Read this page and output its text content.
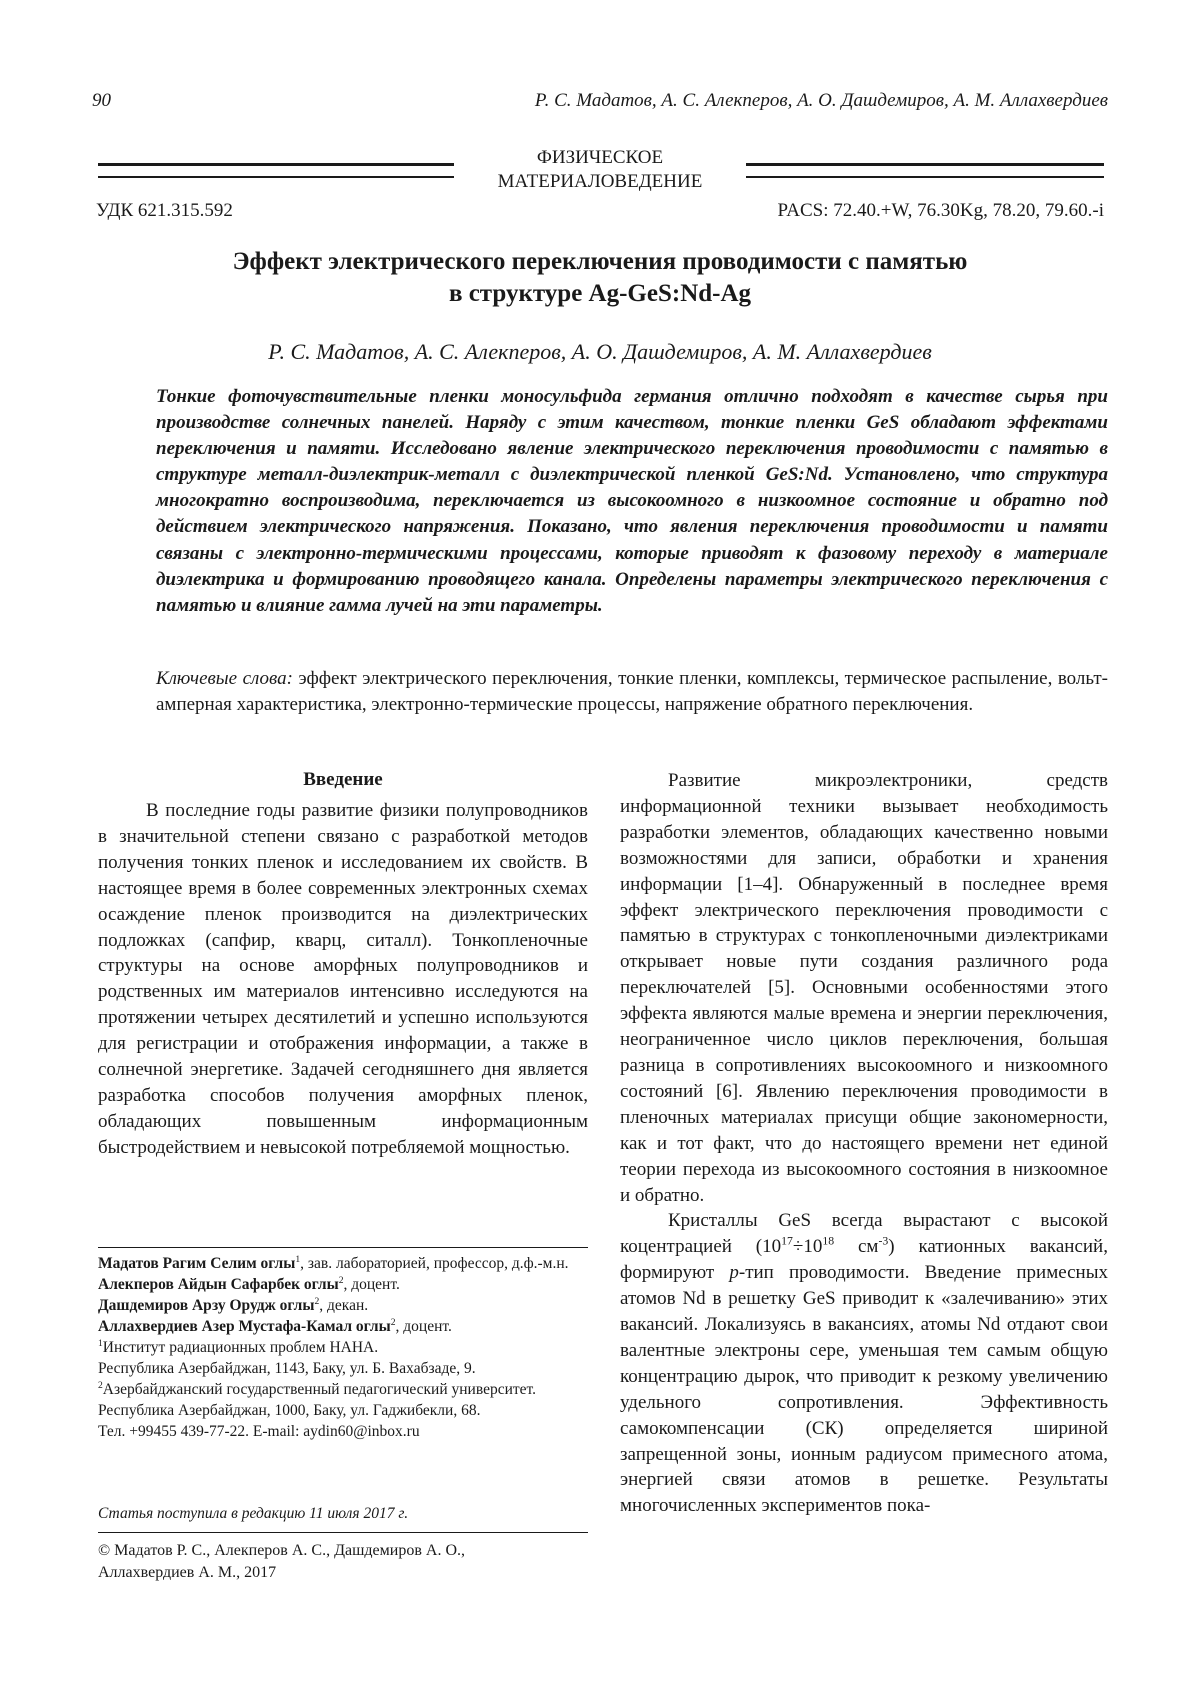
90	Р. С. Мадатов, А. С. Алекперов, А. О. Дашдемиров, А. М. Аллахвердиев
ФИЗИЧЕСКОЕ
МАТЕРИАЛОВЕДЕНИЕ
УДК 621.315.592	PACS: 72.40.+W, 76.30Kg, 78.20, 79.60.-i
Эффект электрического переключения проводимости с памятью
в структуре Ag-GeS:Nd-Ag
Р. С. Мадатов, А. С. Алекперов, А. О. Дашдемиров, А. М. Аллахвердиев

Тонкие фоточувствительные пленки моносульфида германия отлично подходят в качестве сырья при производстве солнечных панелей. Наряду с этим качеством, тонкие пленки GeS обладают эффектами переключения и памяти. Исследовано явление электрического переключения проводимости с памятью в структуре металл-диэлектрик-металл с диэлектрической пленкой GeS:Nd. Установлено, что структура многократно воспроизводима, переключается из высокоомного в низкоомное состояние и обратно под действием электрического напряжения. Показано, что явления переключения проводимости и памяти связаны с электронно-термическими процессами, которые приводят к фазовому переходу в материале диэлектрика и формированию проводящего канала. Определены параметры электрического переключения с памятью и влияние гамма лучей на эти параметры.

Ключевые слова: эффект электрического переключения, тонкие пленки, комплексы, термическое распыление, вольт-амперная характеристика, электронно-термические процессы, напряжение обратного переключения.

Введение

В последние годы развитие физики полупроводников в значительной степени связано с разработкой методов получения тонких пленок и исследованием их свойств. В настоящее время в более современных электронных схемах осаждение пленок производится на диэлектрических подложках (сапфир, кварц, ситалл). Тонкопленочные структуры на основе аморфных полупроводников и родственных им материалов интенсивно исследуются на протяжении четырех десятилетий и успешно используются для регистрации и отображения информации, а также в солнечной энергетике. Задачей сегодняшнего дня является разработка способов получения аморфных пленок, обладающих повышенным информационным быстродействием и невысокой потребляемой мощностью.

Развитие микроэлектроники, средств информационной техники вызывает необходимость разработки элементов, обладающих качественно новыми возможностями для записи, обработки и хранения информации [1–4]. Обнаруженный в последнее время эффект электрического переключения проводимости с памятью в структурах с тонкопленочными диэлектриками открывает новые пути создания различного рода переключателей [5]. Основными особенностями этого эффекта являются малые времена и энергии переключения, неограниченное число циклов переключения, большая разница в сопротивлениях высокоомного и низкоомного состояний [6]. Явлению переключения проводимости в пленочных материалах присущи общие закономерности, как и тот факт, что до настоящего времени нет единой теории перехода из высокоомного состояния в низкоомное и обратно.

Кристаллы GeS всегда вырастают с высокой коцентрацией ($10^{17}\div 10^{18}$ $см^{-3}$) катионных вакансий, формируют p-тип проводимости. Введение примесных атомов Nd в решетку GeS приводит к «залечиванию» этих вакансий. Локализуясь в вакансиях, атомы Nd отдают свои валентные электроны сере, уменьшая тем самым общую концентрацию дырок, что приводит к резкому увеличению удельного сопротивления. Эффективность самокомпенсации (СК) определяется шириной запрещенной зоны, ионным радиусом примесного атома, энергией связи атомов в решетке. Результаты многочисленных экспериментов пока-

Мадатов Рагим Селим оглы$^1$, зав. лабораторией, профессор, д.ф.-м.н.

Алекперов Айдын Сафарбек оглы$^2$, доцент.

Дашдемиров Арзу Орудж оглы$^2$, декан.

Аллахвердиев Азер Мустафа-Камал оглы$^2$, доцент.

$^1$Институт радиационных проблем НАНА.

Республика Азербайджан, 1143, Баку, ул. Б. Вахабзаде, 9.

$^2$Азербайджанский государственный педагогический университет.

Республика Азербайджан, 1000, Баку, ул. Гаджибекли, 68.

Тел. +99455 439-77-22. E-mail: aydin60@inbox.ru

Статья поступила в редакцию 11 июля 2017 г.
© Мадатов Р. С., Алекперов А. С., Дашдемиров А. О.,
Аллахвердиев А. М., 2017
